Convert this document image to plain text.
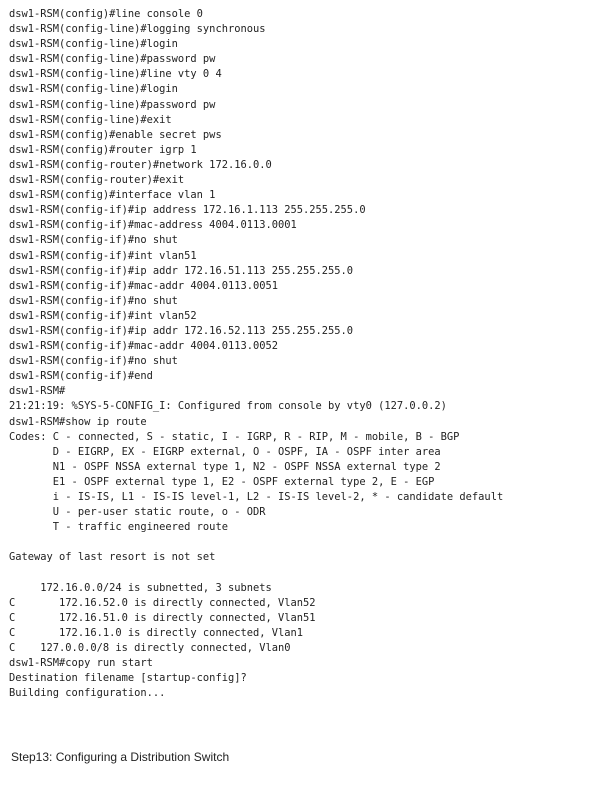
dsw1-RSM(config)#line console 0
dsw1-RSM(config-line)#logging synchronous
dsw1-RSM(config-line)#login
dsw1-RSM(config-line)#password pw
dsw1-RSM(config-line)#line vty 0 4
dsw1-RSM(config-line)#login
dsw1-RSM(config-line)#password pw
dsw1-RSM(config-line)#exit
dsw1-RSM(config)#enable secret pws
dsw1-RSM(config)#router igrp 1
dsw1-RSM(config-router)#network 172.16.0.0
dsw1-RSM(config-router)#exit
dsw1-RSM(config)#interface vlan 1
dsw1-RSM(config-if)#ip address 172.16.1.113 255.255.255.0
dsw1-RSM(config-if)#mac-address 4004.0113.0001
dsw1-RSM(config-if)#no shut
dsw1-RSM(config-if)#int vlan51
dsw1-RSM(config-if)#ip addr 172.16.51.113 255.255.255.0
dsw1-RSM(config-if)#mac-addr 4004.0113.0051
dsw1-RSM(config-if)#no shut
dsw1-RSM(config-if)#int vlan52
dsw1-RSM(config-if)#ip addr 172.16.52.113 255.255.255.0
dsw1-RSM(config-if)#mac-addr 4004.0113.0052
dsw1-RSM(config-if)#no shut
dsw1-RSM(config-if)#end
dsw1-RSM#
21:21:19: %SYS-5-CONFIG_I: Configured from console by vty0 (127.0.0.2)
dsw1-RSM#show ip route
Codes: C - connected, S - static, I - IGRP, R - RIP, M - mobile, B - BGP
D - EIGRP, EX - EIGRP external, O - OSPF, IA - OSPF inter area
N1 - OSPF NSSA external type 1, N2 - OSPF NSSA external type 2
E1 - OSPF external type 1, E2 - OSPF external type 2, E - EGP
i - IS-IS, L1 - IS-IS level-1, L2 - IS-IS level-2, * - candidate default
U - per-user static route, o - ODR
T - traffic engineered route
Gateway of last resort is not set
172.16.0.0/24 is subnetted, 3 subnets
C       172.16.52.0 is directly connected, Vlan52
C       172.16.51.0 is directly connected, Vlan51
C       172.16.1.0 is directly connected, Vlan1
C    127.0.0.0/8 is directly connected, Vlan0
dsw1-RSM#copy run start
Destination filename [startup-config]?
Building configuration...
Step13: Configuring a Distribution Switch
